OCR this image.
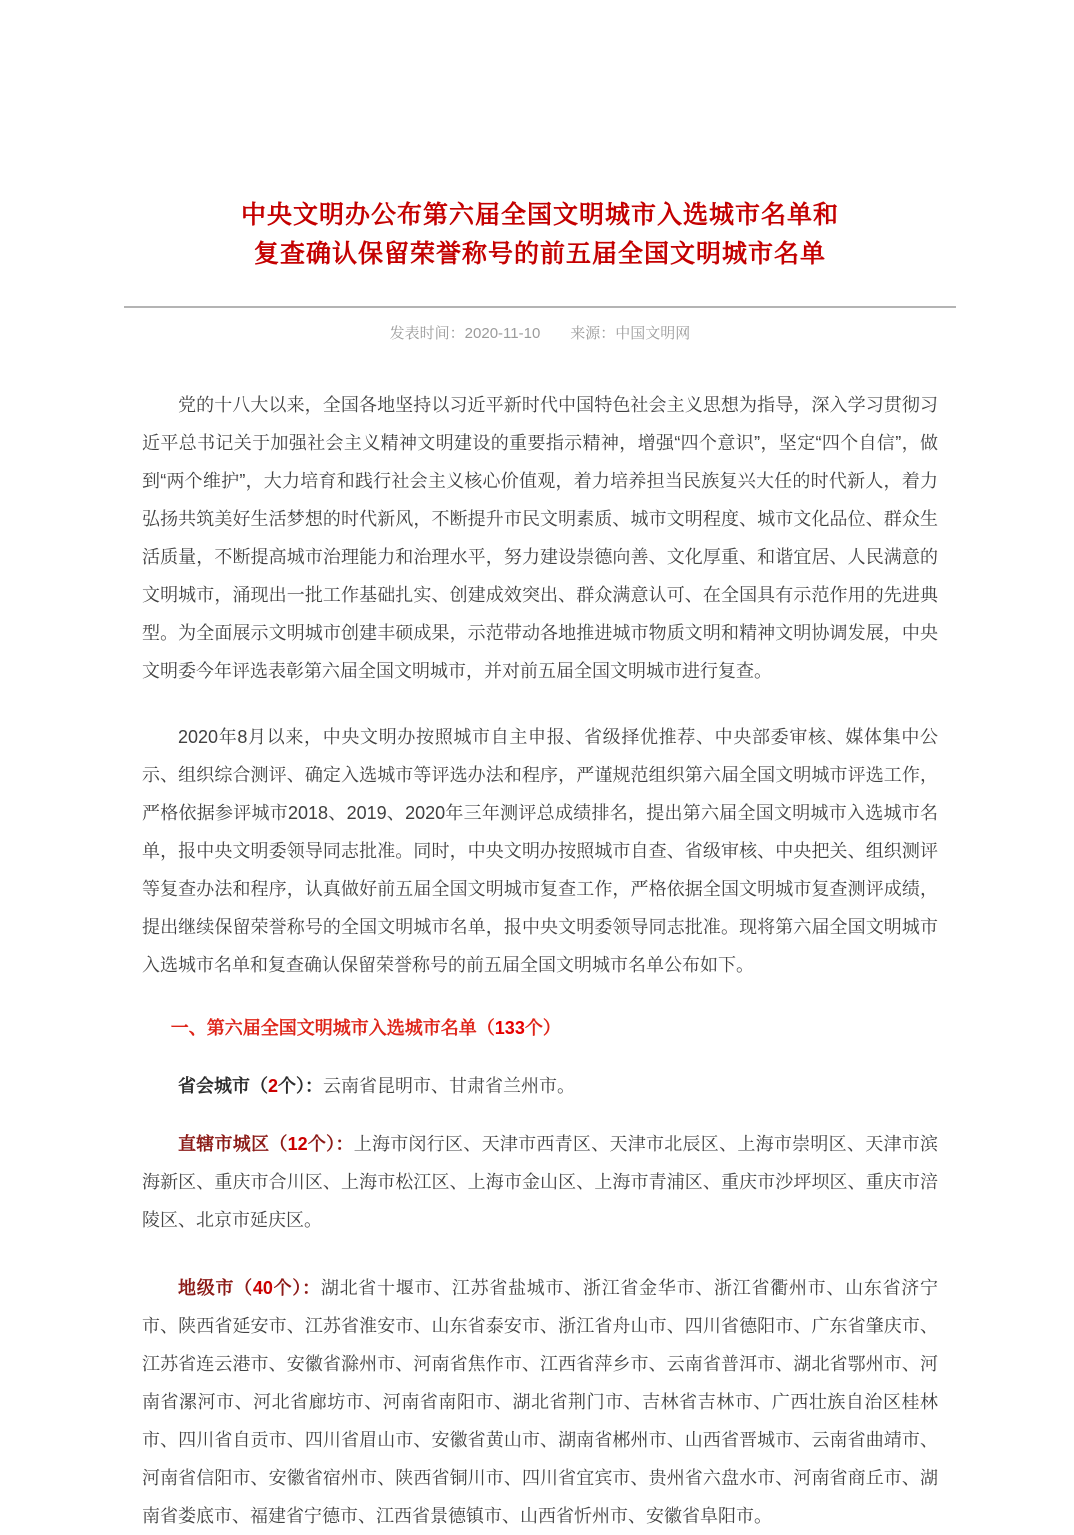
中央文明办公布第六届全国文明城市入选城市名单和
复查确认保留荣誉称号的前五届全国文明城市名单
发表时间：2020-11-10 来源：中国文明网

党的十八大以来，全国各地坚持以习近平新时代中国特色社会主义思想为指导，深入学习贯彻习近平总书记关于加强社会主义精神文明建设的重要指示精神，增强“四个意识”，坚定“四个自信”，做到“两个维护”，大力培育和践行社会主义核心价值观，着力培养担当民族复兴大任的时代新人，着力弘扬共筑美好生活梦想的时代新风，不断提升市民文明素质、城市文明程度、城市文化品位、群众生活质量，不断提高城市治理能力和治理水平，努力建设崇德向善、文化厚重、和谐宜居、人民满意的文明城市，涌现出一批工作基础扎实、创建成效突出、群众满意认可、在全国具有示范作用的先进典型。为全面展示文明城市创建丰硕成果，示范带动各地推进城市物质文明和精神文明协调发展，中央文明委今年评选表彰第六届全国文明城市，并对前五届全国文明城市进行复查。

2020年8月以来，中央文明办按照城市自主申报、省级择优推荐、中央部委审核、媒体集中公示、组织综合测评、确定入选城市等评选办法和程序，严谨规范组织第六届全国文明城市评选工作，严格依据参评城市2018、2019、2020年三年测评总成绩排名，提出第六届全国文明城市入选城市名单，报中央文明委领导同志批准。同时，中央文明办按照城市自查、省级审核、中央把关、组织测评等复查办法和程序，认真做好前五届全国文明城市复查工作，严格依据全国文明城市复查测评成绩，提出继续保留荣誉称号的全国文明城市名单，报中央文明委领导同志批准。现将第六届全国文明城市入选城市名单和复查确认保留荣誉称号的前五届全国文明城市名单公布如下。

一、第六届全国文明城市入选城市名单（133个）

省会城市（2个）：云南省昆明市、甘肃省兰州市。

直辖市城区（12个）：上海市闵行区、天津市西青区、天津市北辰区、上海市崇明区、天津市滨海新区、重庆市合川区、上海市松江区、上海市金山区、上海市青浦区、重庆市沙坪坝区、重庆市涪陵区、北京市延庆区。

地级市（40个）：湖北省十堰市、江苏省盐城市、浙江省金华市、浙江省衢州市、山东省济宁市、陕西省延安市、江苏省淮安市、山东省泰安市、浙江省舟山市、四川省德阳市、广东省肇庆市、江苏省连云港市、安徽省滁州市、河南省焦作市、江西省萍乡市、云南省普洱市、湖北省鄂州市、河南省漯河市、河北省廊坊市、河南省南阳市、湖北省荆门市、吉林省吉林市、广西壮族自治区桂林市、四川省自贡市、四川省眉山市、安徽省黄山市、湖南省郴州市、山西省晋城市、云南省曲靖市、河南省信阳市、安徽省宿州市、陕西省铜川市、四川省宜宾市、贵州省六盘水市、河南省商丘市、湖南省娄底市、福建省宁德市、江西省景德镇市、山西省忻州市、安徽省阜阳市。
